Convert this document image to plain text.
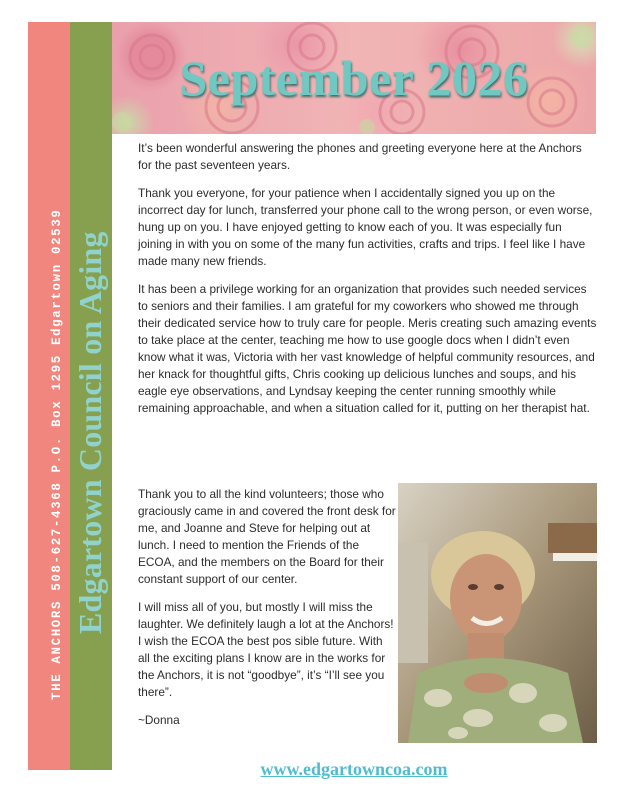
THE ANCHORS 508-627-4368 P.O. Box 1295 Edgartown 02539 Edgartown Council on Aging
September 2026

It’s been wonderful answering the phones and greeting everyone here at the Anchors for the past seventeen years.

Thank you everyone, for your patience when I accidentally signed you up on the incorrect day for lunch, transferred your phone call to the wrong person, or even worse, hung up on you. I have enjoyed getting to know each of you. It was especially fun joining in with you on some of the many fun activities, crafts and trips. I feel like I have made many new friends.

It has been a privilege working for an organization that provides such needed services to seniors and their families. I am grateful for my coworkers who showed me through their dedicated service how to truly care for people. Meris creating such amazing events to take place at the center, teaching me how to use google docs when I didn’t even know what it was, Victoria with her vast knowledge of helpful community resources, and her knack for thoughtful gifts, Chris cooking up delicious lunches and soups, and his eagle eye observations, and Lyndsay keeping the center running smoothly while remaining approachable, and when a situation called for it, putting on her therapist hat.

Thank you to all the kind volunteers; those who graciously came in and covered the front desk for me, and Joanne and Steve for helping out at lunch. I need to mention the Friends of the ECOA, and the members on the Board for their constant support of our center.

I will miss all of you, but mostly I will miss the laughter. We definitely laugh a lot at the Anchors! I wish the ECOA the best pos sible future. With all the exciting plans I know are in the works for the Anchors, it is not “goodbye”, it’s “I’ll see you there”.

~Donna

www.edgartowncoa.com
